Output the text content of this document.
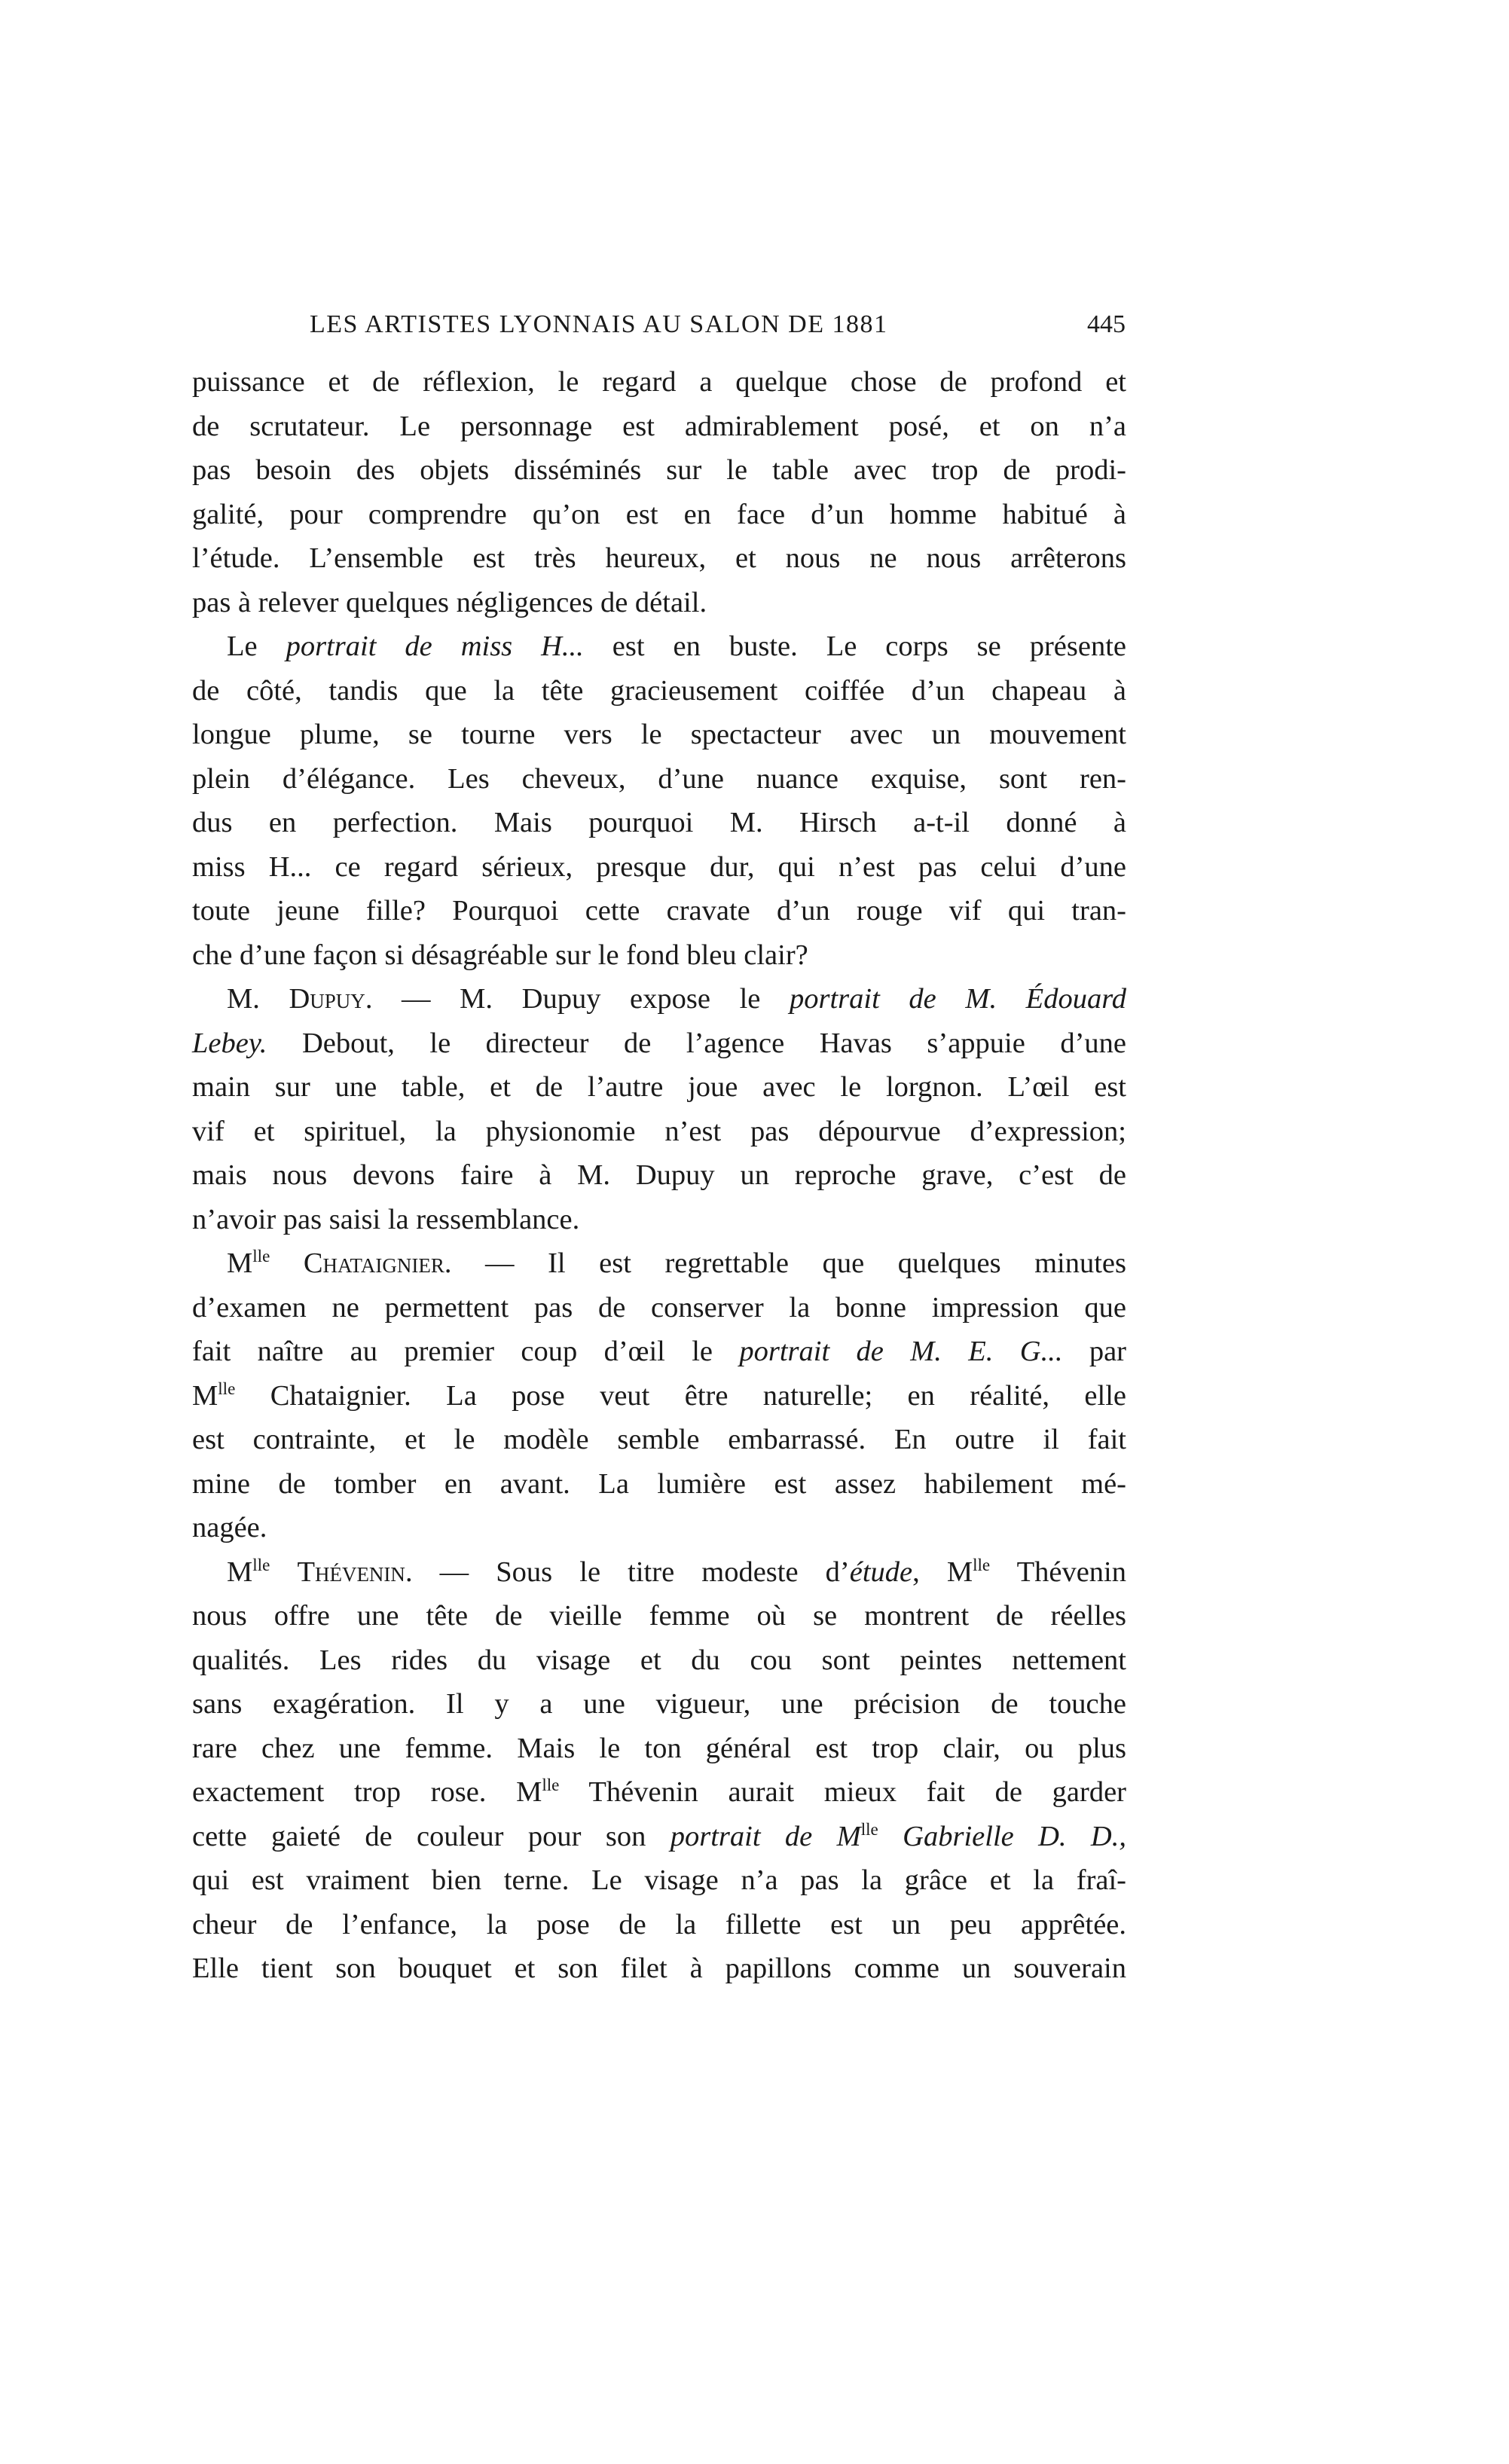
LES ARTISTES LYONNAIS AU SALON DE 1881	445
puissance et de réflexion, le regard a quelque chose de profond et
de scrutateur. Le personnage est admirablement posé, et on n’a
pas besoin des objets disséminés sur le table avec trop de prodi-
galité, pour comprendre qu’on est en face d’un homme habitué à
l’étude. L’ensemble est très heureux, et nous ne nous arrêterons
pas à relever quelques négligences de détail.
Le portrait de miss H... est en buste. Le corps se présente
de côté, tandis que la tête gracieusement coiffée d’un chapeau à
longue plume, se tourne vers le spectacteur avec un mouvement
plein d’élégance. Les cheveux, d’une nuance exquise, sont ren-
dus en perfection. Mais pourquoi M. Hirsch a-t-il donné à
miss H... ce regard sérieux, presque dur, qui n’est pas celui d’une
toute jeune fille? Pourquoi cette cravate d’un rouge vif qui tran-
che d’une façon si désagréable sur le fond bleu clair?
M. Dupuy. — M. Dupuy expose le portrait de M. Édouard
Lebey. Debout, le directeur de l’agence Havas s’appuie d’une
main sur une table, et de l’autre joue avec le lorgnon. L’œil est
vif et spirituel, la physionomie n’est pas dépourvue d’expression;
mais nous devons faire à M. Dupuy un reproche grave, c’est de
n’avoir pas saisi la ressemblance.
$M^{lle}$ Chataignier. — Il est regrettable que quelques minutes
d’examen ne permettent pas de conserver la bonne impression que
fait naître au premier coup d’œil le portrait de M. E. G... par
$M^{lle}$ Chataignier. La pose veut être naturelle; en réalité, elle
est contrainte, et le modèle semble embarrassé. En outre il fait
mine de tomber en avant. La lumière est assez habilement mé-
nagée.
$M^{lle}$ Thévenin. — Sous le titre modeste d’étude, $M^{lle}$ Thévenin
nous offre une tête de vieille femme où se montrent de réelles
qualités. Les rides du visage et du cou sont peintes nettement
sans exagération. Il y a une vigueur, une précision de touche
rare chez une femme. Mais le ton général est trop clair, ou plus
exactement trop rose. $M^{lle}$ Thévenin aurait mieux fait de garder
cette gaieté de couleur pour son portrait de $M^{lle}$ Gabrielle D. D.,
qui est vraiment bien terne. Le visage n’a pas la grâce et la fraî-
cheur de l’enfance, la pose de la fillette est un peu apprêtée.
Elle tient son bouquet et son filet à papillons comme un souverain
